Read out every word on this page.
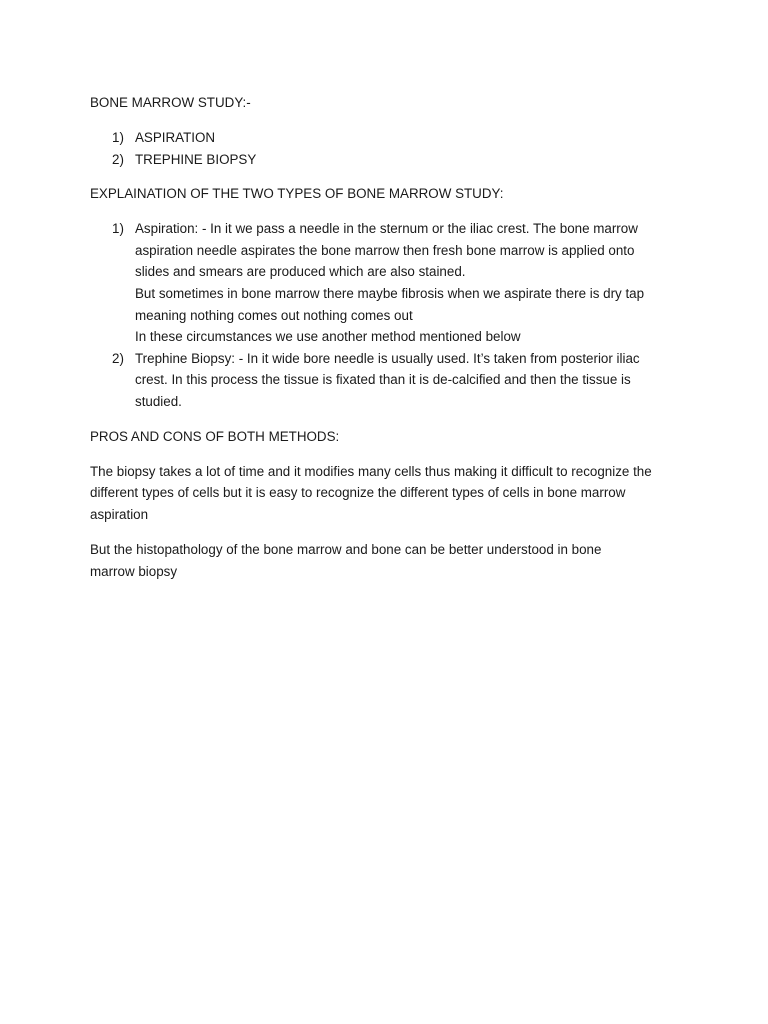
BONE MARROW STUDY:-
1) ASPIRATION
2) TREPHINE BIOPSY
EXPLAINATION OF THE TWO TYPES OF BONE MARROW STUDY:
1) Aspiration: - In it we pass a needle in the sternum or the iliac crest. The bone marrow
aspiration needle aspirates the bone marrow then fresh bone marrow is applied onto
slides and smears are produced which are also stained.
But sometimes in bone marrow there maybe fibrosis when we aspirate there is dry tap
meaning nothing comes out nothing comes out
In these circumstances we use another method mentioned below
2) Trephine Biopsy: - In it wide bore needle is usually used. It’s taken from posterior iliac
crest. In this process the tissue is fixated than it is de-calcified and then the tissue is
studied.
PROS AND CONS OF BOTH METHODS:
The biopsy takes a lot of time and it modifies many cells thus making it difficult to recognize the
different types of cells but it is easy to recognize the different types of cells in bone marrow
aspiration
But the histopathology of the bone marrow and bone can be better understood in bone
marrow biopsy
